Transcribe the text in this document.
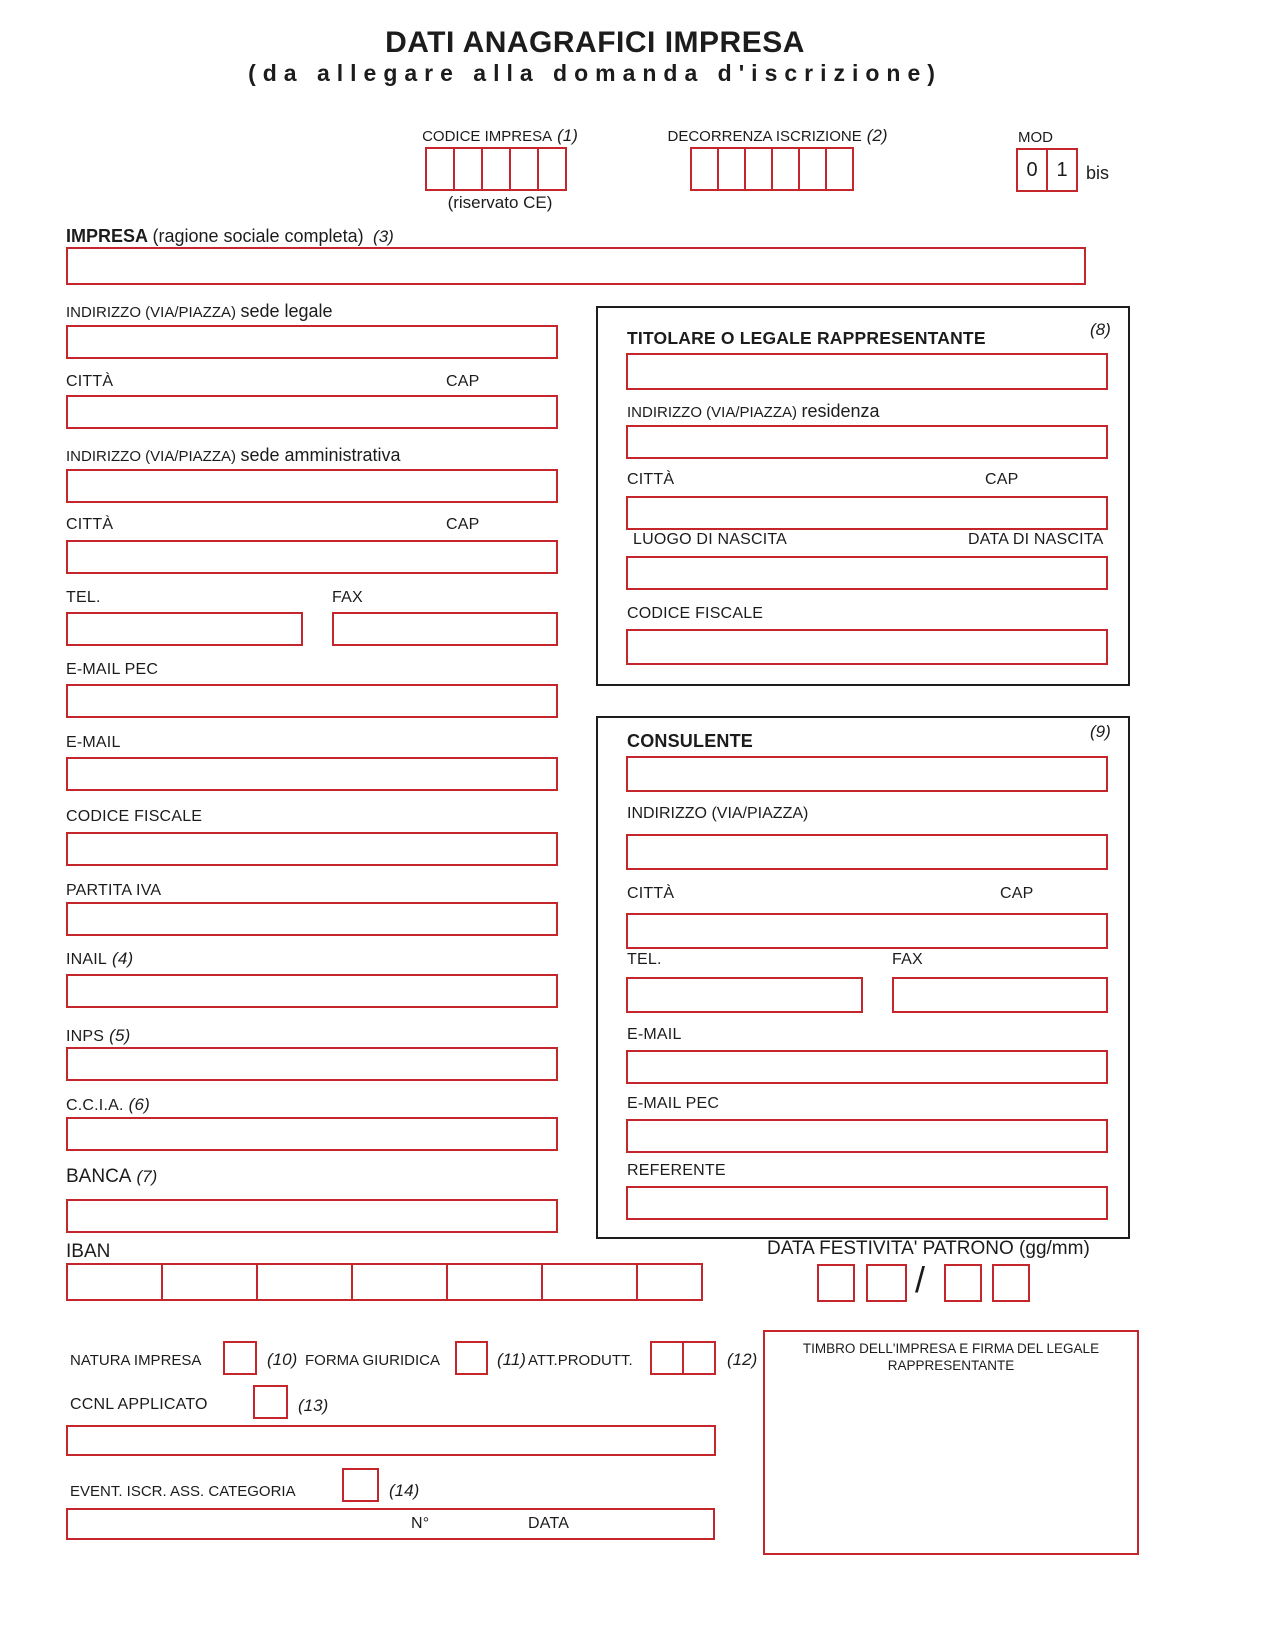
DATI ANAGRAFICI IMPRESA
(da allegare alla domanda d'iscrizione)
CODICE IMPRESA (1)
(riservato CE)
DECORRENZA ISCRIZIONE (2)	MOD
0 1	bis
IMPRESA (ragione sociale completa) (3)
INDIRIZZO (VIA/PIAZZA) sede legale
CITTÀ	CAP
INDIRIZZO (VIA/PIAZZA) sede amministrativa
CITTÀ	CAP
TEL.	FAX
E-MAIL PEC
E-MAIL
CODICE FISCALE
PARTITA IVA
INAIL (4)
INPS (5)
C.C.I.A. (6)
BANCA (7)
IBAN
TITOLARE O LEGALE RAPPRESENTANTE	(8)
INDIRIZZO (VIA/PIAZZA) residenza
CITTÀ	CAP
LUOGO DI NASCITA	DATA DI NASCITA
CODICE FISCALE
CONSULENTE	(9)
INDIRIZZO (VIA/PIAZZA)
CITTÀ	CAP
TEL.	FAX
E-MAIL
E-MAIL PEC
REFERENTE
DATA FESTIVITA' PATRONO (gg/mm)
/
TIMBRO DELL'IMPRESA E FIRMA DEL LEGALE RAPPRESENTANTE
NATURA IMPRESA	(10) FORMA GIURIDICA	(11) ATT.PRODUTT.	(12)
CCNL APPLICATO	(13)
EVENT. ISCR. ASS. CATEGORIA	(14)
N°	DATA
